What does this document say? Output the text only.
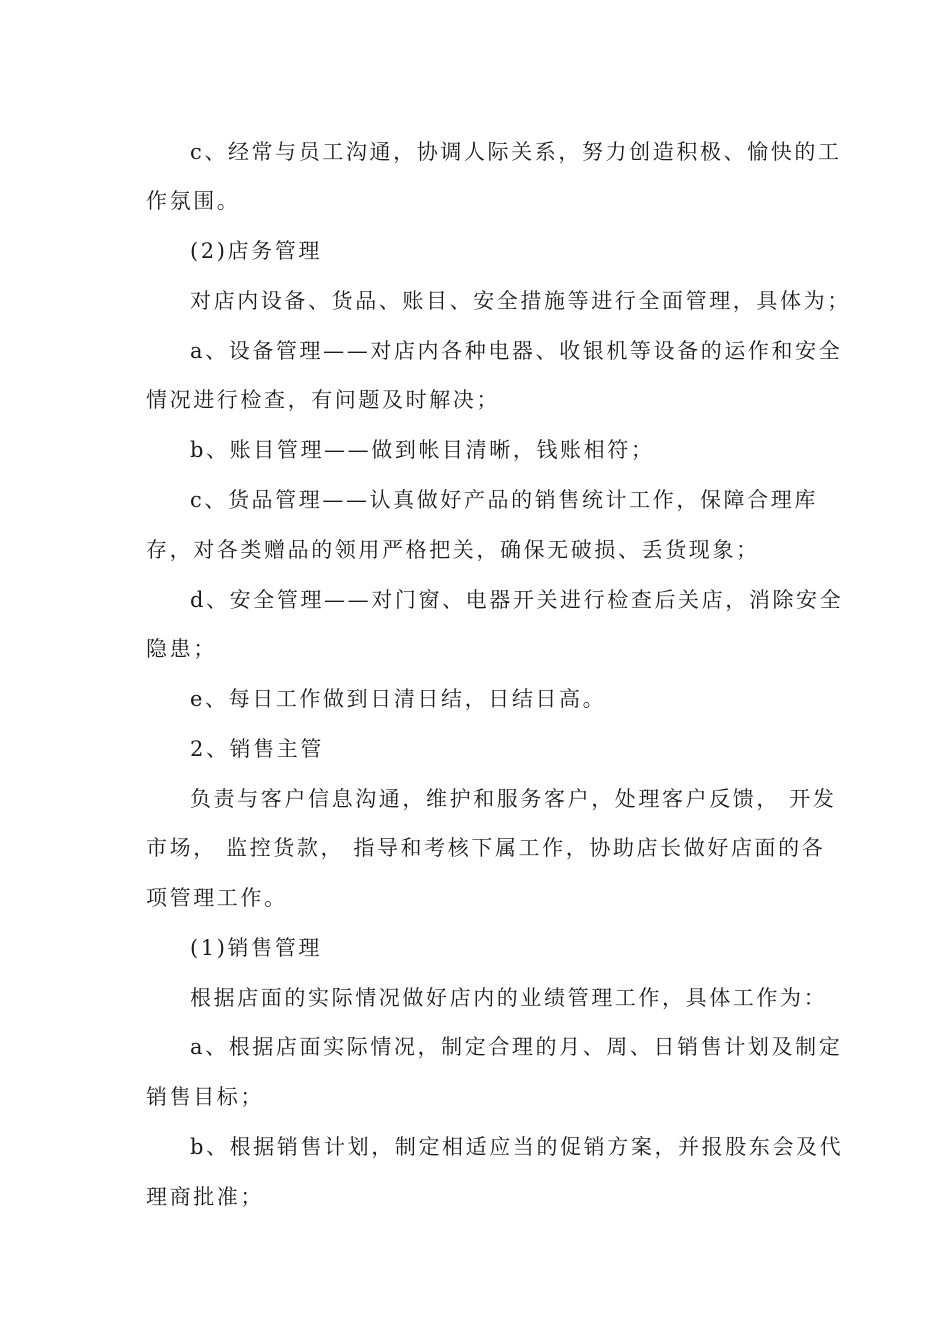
c、经常与员工沟通，协调人际关系，努力创造积极、愉快的工
作氛围。
(2)店务管理
对店内设备、货品、账目、安全措施等进行全面管理，具体为；
a、设备管理——对店内各种电器、收银机等设备的运作和安全
情况进行检查，有问题及时解决；
b、账目管理——做到帐目清晰，钱账相符；
c、货品管理——认真做好产品的销售统计工作，保障合理库
存，对各类赠品的领用严格把关，确保无破损、丢货现象；
d、安全管理——对门窗、电器开关进行检查后关店，消除安全
隐患；
e、每日工作做到日清日结，日结日高。
2、销售主管
负责与客户信息沟通，维护和服务客户，处理客户反馈， 开发
市场， 监控货款， 指导和考核下属工作，协助店长做好店面的各
项管理工作。
(1)销售管理
根据店面的实际情况做好店内的业绩管理工作，具体工作为：
a、根据店面实际情况，制定合理的月、周、日销售计划及制定
销售目标；
b、根据销售计划，制定相适应当的促销方案，并报股东会及代
理商批准；
